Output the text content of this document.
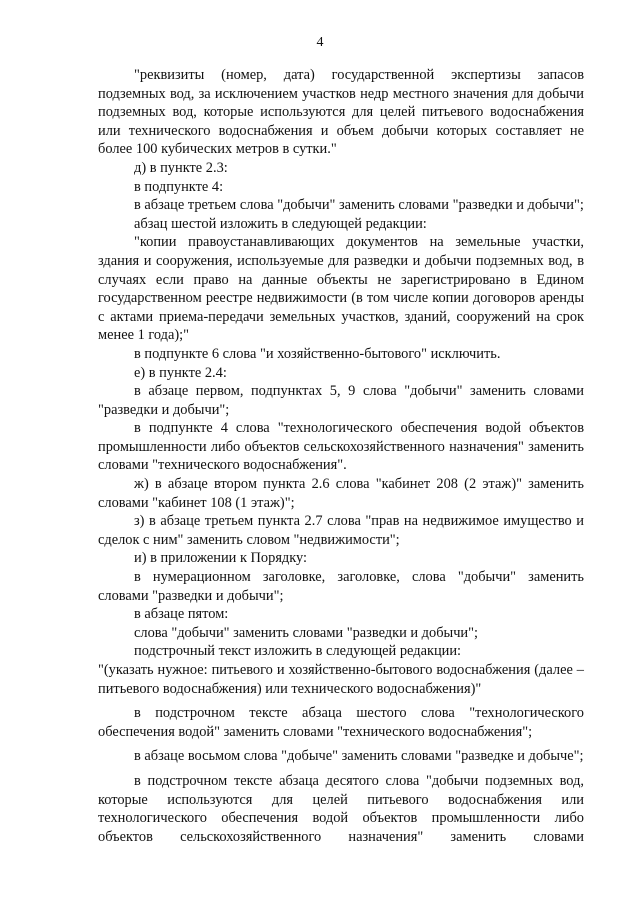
4

"реквизиты (номер, дата) государственной экспертизы запасов подземных вод, за исключением участков недр местного значения для добычи подземных вод, которые используются для целей питьевого водоснабжения или технического водоснабжения и объем добычи которых составляет не более 100 кубических метров в сутки."

д) в пункте 2.3:

в подпункте 4:

в абзаце третьем слова "добычи" заменить словами "разведки и добычи";

абзац шестой изложить в следующей редакции:

"копии правоустанавливающих документов на земельные участки, здания и сооружения, используемые для разведки и добычи подземных вод, в случаях если право на данные объекты не зарегистрировано в Едином государственном реестре недвижимости (в том числе копии договоров аренды с актами приема-передачи земельных участков, зданий, сооружений на срок менее 1 года);"

в подпункте 6 слова "и хозяйственно-бытового" исключить.

е) в пункте 2.4:

в абзаце первом, подпунктах 5, 9 слова "добычи" заменить словами "разведки и добычи";

в подпункте 4 слова "технологического обеспечения водой объектов промышленности либо объектов сельскохозяйственного назначения" заменить словами "технического водоснабжения".

ж) в абзаце втором пункта 2.6 слова "кабинет 208 (2 этаж)" заменить словами "кабинет 108 (1 этаж)";

з) в абзаце третьем пункта 2.7 слова "прав на недвижимое имущество и сделок с ним" заменить словом "недвижимости";

и) в приложении к Порядку:

в нумерационном заголовке, заголовке, слова "добычи" заменить словами "разведки и добычи";

в абзаце пятом:

слова "добычи" заменить словами "разведки и добычи";

подстрочный текст изложить в следующей редакции:

"(указать нужное: питьевого и хозяйственно-бытового водоснабжения (далее – питьевого водоснабжения) или технического водоснабжения)"

в подстрочном тексте абзаца шестого слова "технологического обеспечения водой" заменить словами "технического водоснабжения";

в абзаце восьмом слова "добыче" заменить словами "разведке и добыче";

в подстрочном тексте абзаца десятого слова "добычи подземных вод, которые используются для целей питьевого водоснабжения или технологического обеспечения водой объектов промышленности либо объектов сельскохозяйственного назначения" заменить словами
